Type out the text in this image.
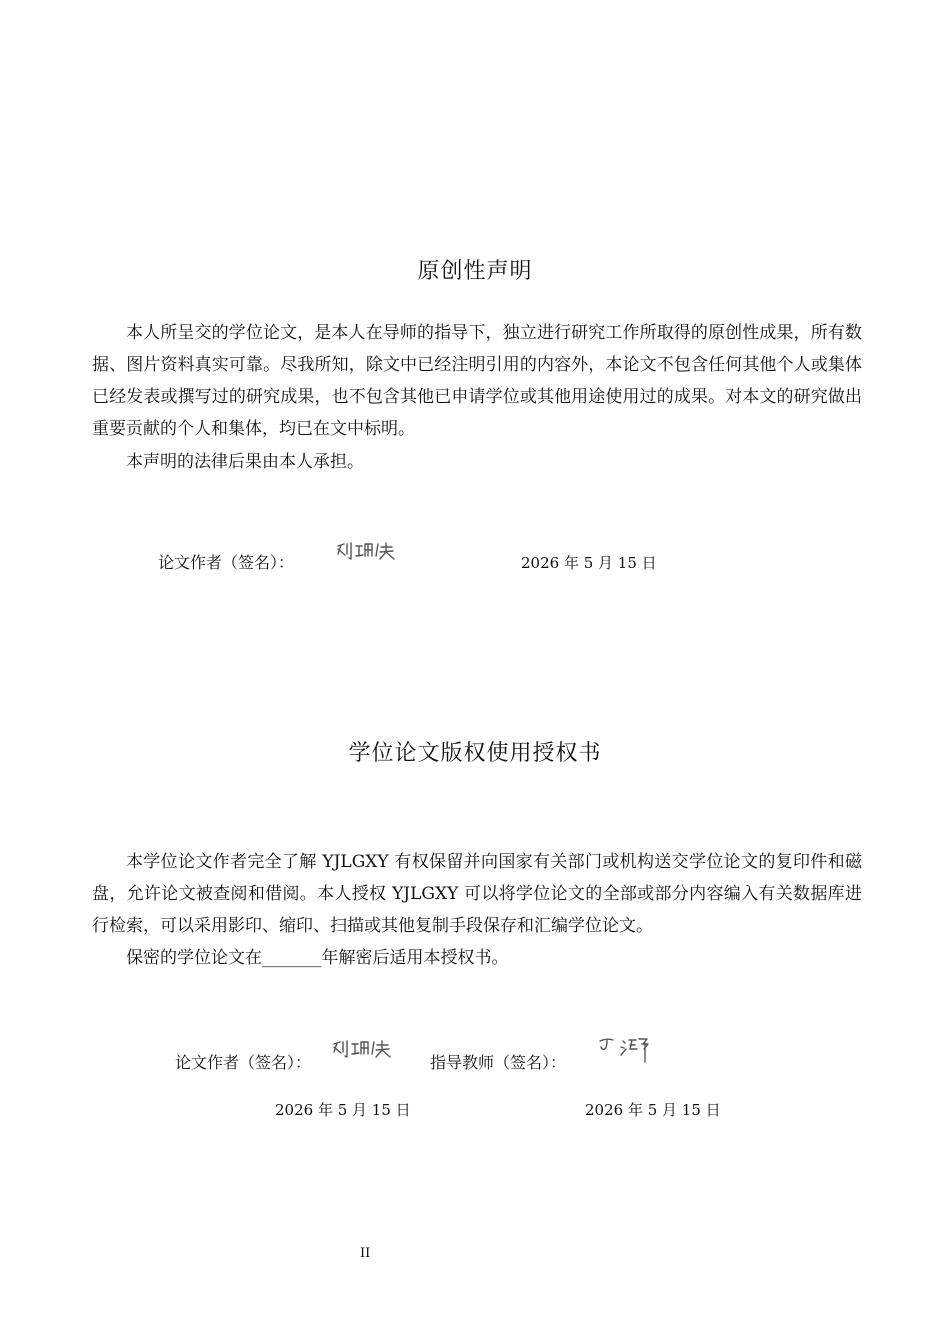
原创性声明

本人所呈交的学位论文，是本人在导师的指导下，独立进行研究工作所取得的原创性成果，所有数据、图片资料真实可靠。尽我所知，除文中已经注明引用的内容外，本论文不包含任何其他个人或集体已经发表或撰写过的研究成果，也不包含其他已申请学位或其他用途使用过的成果。对本文的研究做出重要贡献的个人和集体，均已在文中标明。

本声明的法律后果由本人承担。

论文作者（签名）：	2026 年 5 月 15 日
学位论文版权使用授权书

本学位论文作者完全了解 YJLGXY 有权保留并向国家有关部门或机构送交学位论文的复印件和磁盘，允许论文被查阅和借阅。本人授权 YJLGXY 可以将学位论文的全部或部分内容编入有关数据库进行检索，可以采用影印、缩印、扫描或其他复制手段保存和汇编学位论文。

保密的学位论文在_______年解密后适用本授权书。

论文作者（签名）：	指导教师（签名）：
2026 年 5 月 15 日	2026 年 5 月 15 日
II
